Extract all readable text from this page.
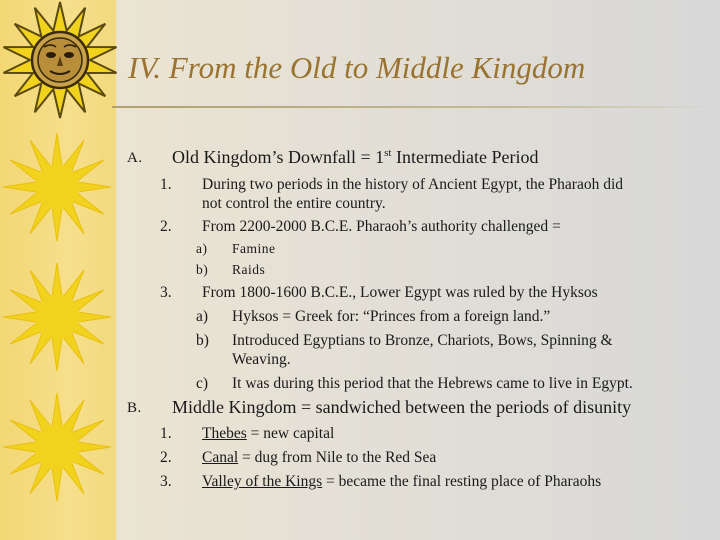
IV. From the Old to Middle Kingdom
A. Old Kingdom’s Downfall = 1st Intermediate Period
1. During two periods in the history of Ancient Egypt, the Pharaoh did
not control the entire country.
2. From 2200-2000 B.C.E. Pharaoh’s authority challenged =
a) Famine
b) Raids
3. From 1800-1600 B.C.E., Lower Egypt was ruled by the Hyksos
a) Hyksos = Greek for: “Princes from a foreign land.”
b) Introduced Egyptians to Bronze, Chariots, Bows, Spinning &
Weaving.
c) It was during this period that the Hebrews came to live in Egypt.
B. Middle Kingdom = sandwiched between the periods of disunity
1. Thebes = new capital
2. Canal = dug from Nile to the Red Sea
3. Valley of the Kings = became the final resting place of Pharaohs
